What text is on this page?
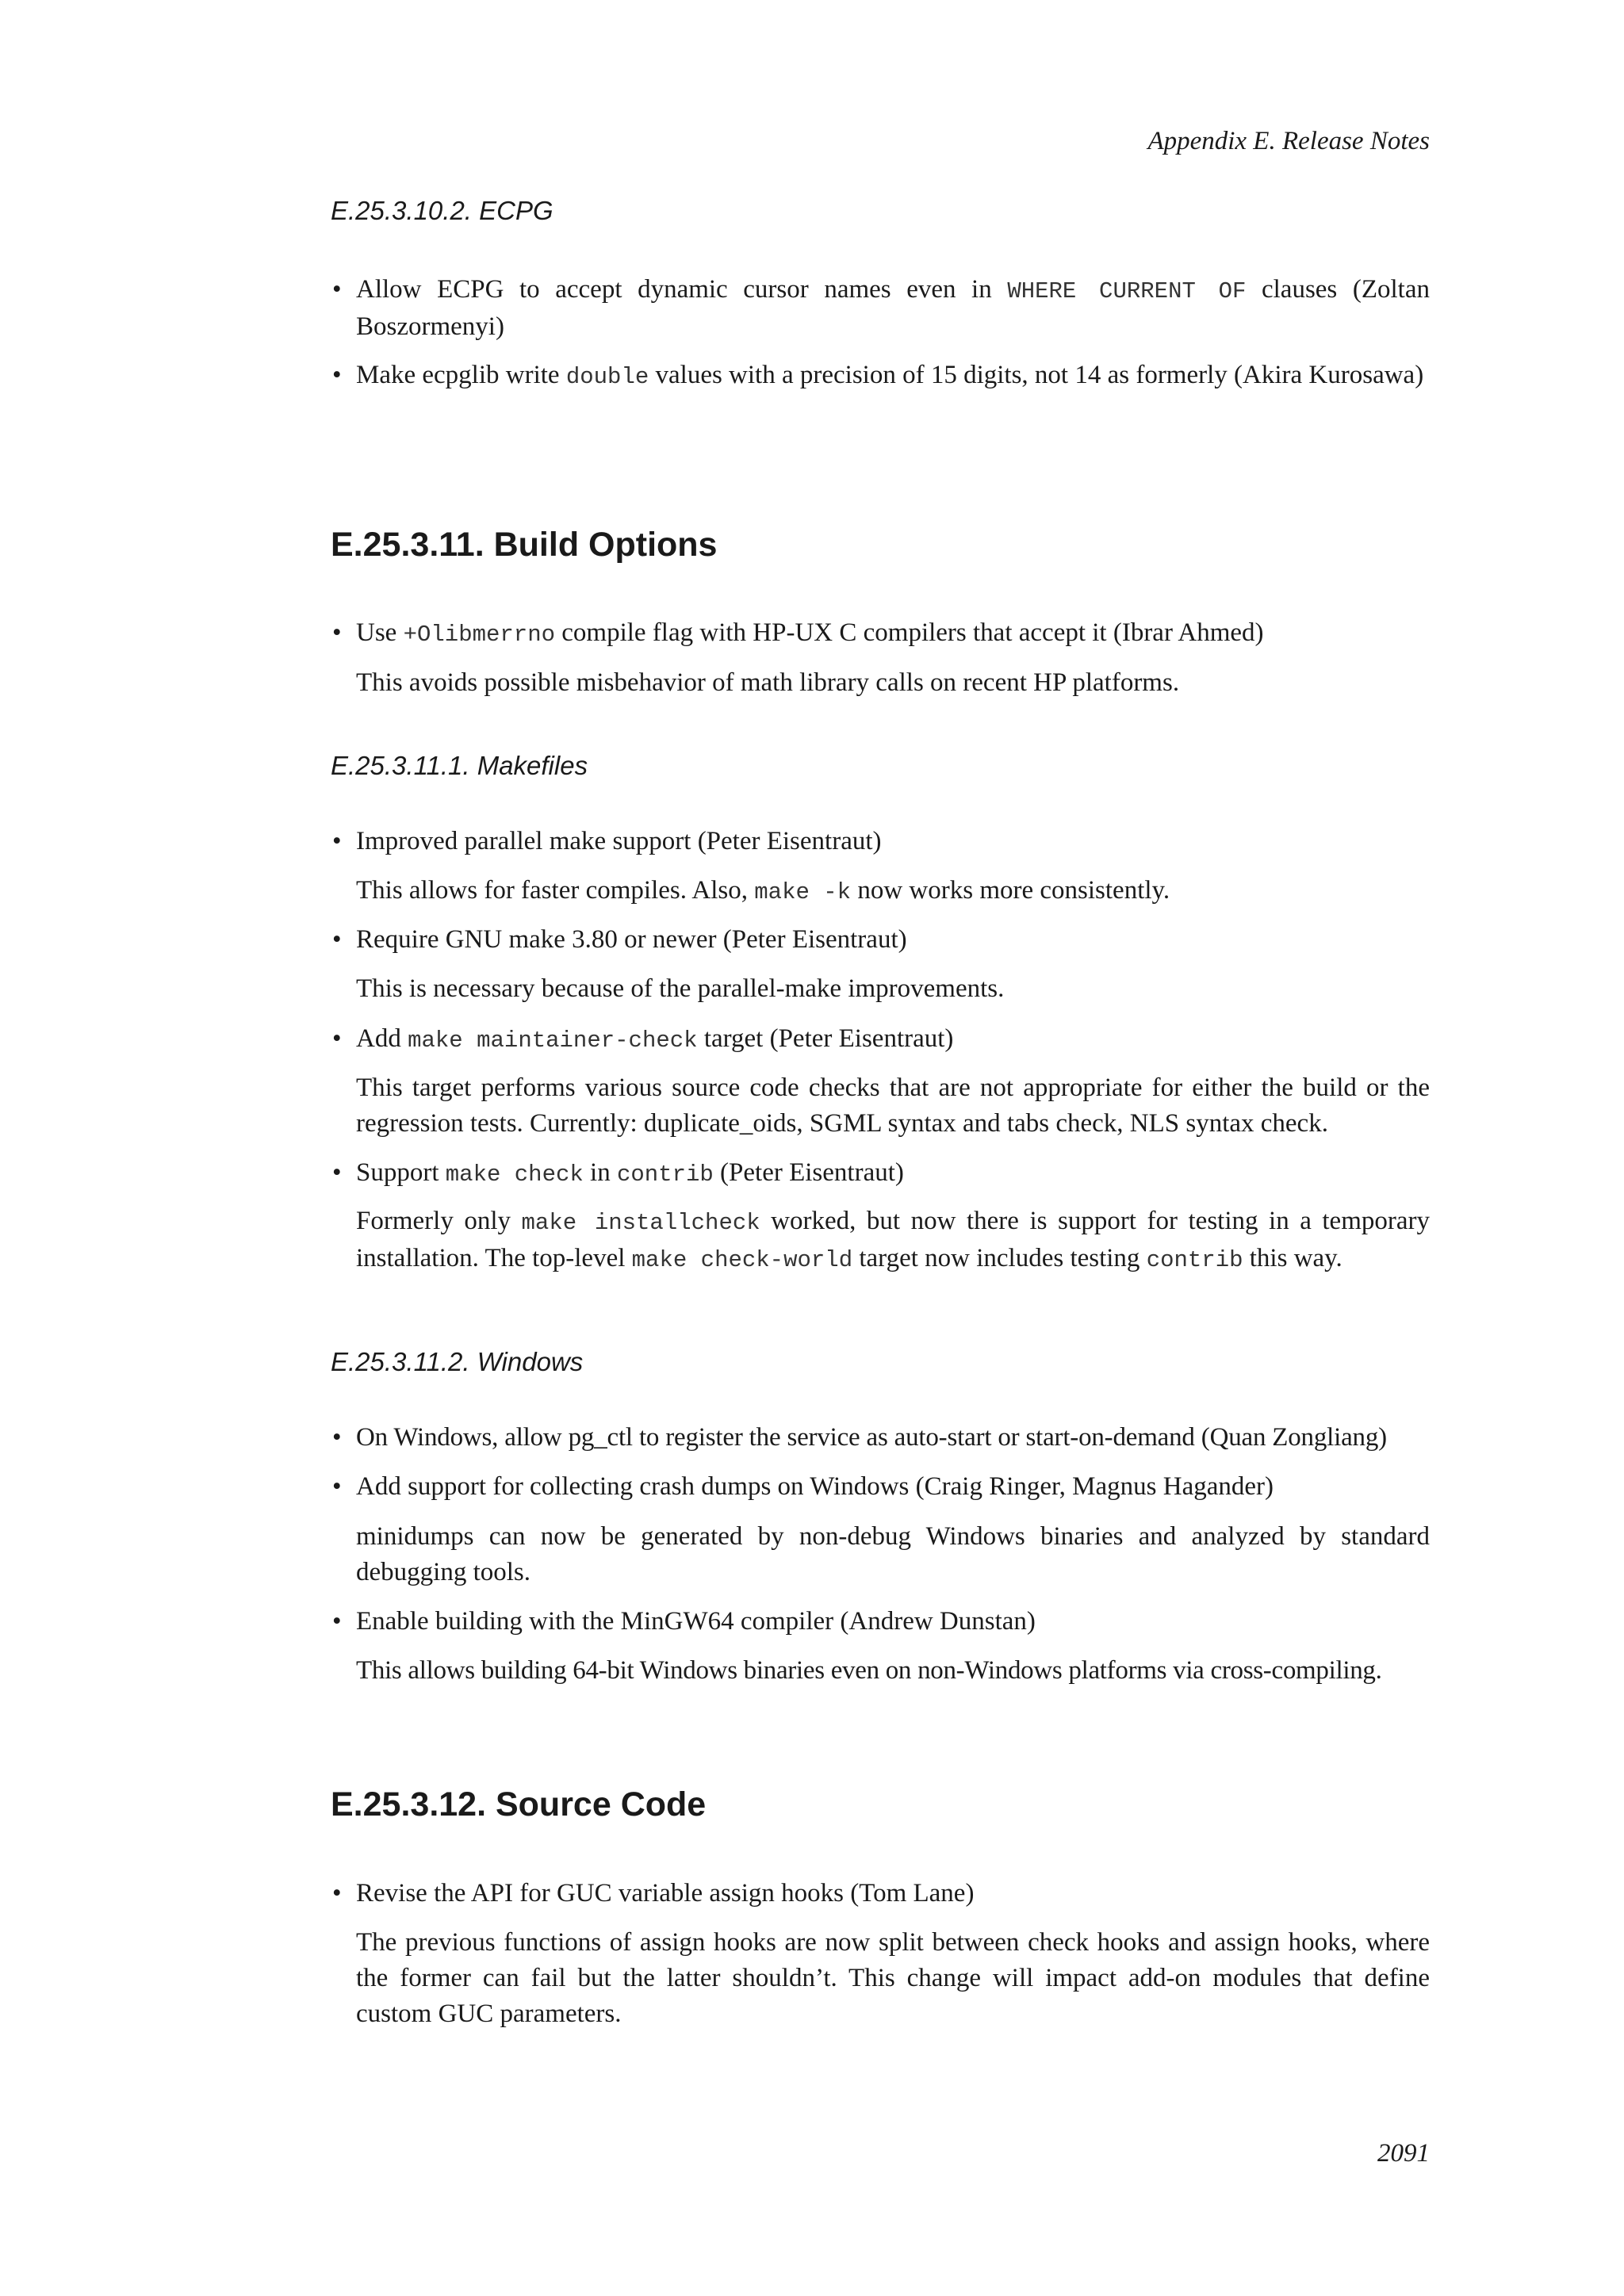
Appendix E. Release Notes
E.25.3.10.2. ECPG
• Allow ECPG to accept dynamic cursor names even in WHERE CURRENT OF clauses (Zoltan Boszormenyi)
• Make ecpglib write double values with a precision of 15 digits, not 14 as formerly (Akira Kurosawa)
E.25.3.11. Build Options
• Use +Olibmerrno compile flag with HP-UX C compilers that accept it (Ibrar Ahmed)
This avoids possible misbehavior of math library calls on recent HP platforms.
E.25.3.11.1. Makefiles
• Improved parallel make support (Peter Eisentraut)
This allows for faster compiles. Also, make -k now works more consistently.
• Require GNU make 3.80 or newer (Peter Eisentraut)
This is necessary because of the parallel-make improvements.
• Add make maintainer-check target (Peter Eisentraut)
This target performs various source code checks that are not appropriate for either the build or the regression tests. Currently: duplicate_oids, SGML syntax and tabs check, NLS syntax check.
• Support make check in contrib (Peter Eisentraut)
Formerly only make installcheck worked, but now there is support for testing in a temporary installation. The top-level make check-world target now includes testing contrib this way.
E.25.3.11.2. Windows
• On Windows, allow pg_ctl to register the service as auto-start or start-on-demand (Quan Zongliang)
• Add support for collecting crash dumps on Windows (Craig Ringer, Magnus Hagander)
minidumps can now be generated by non-debug Windows binaries and analyzed by standard debugging tools.
• Enable building with the MinGW64 compiler (Andrew Dunstan)
This allows building 64-bit Windows binaries even on non-Windows platforms via cross-compiling.
E.25.3.12. Source Code
• Revise the API for GUC variable assign hooks (Tom Lane)
The previous functions of assign hooks are now split between check hooks and assign hooks, where the former can fail but the latter shouldn’t. This change will impact add-on modules that define custom GUC parameters.
2091
